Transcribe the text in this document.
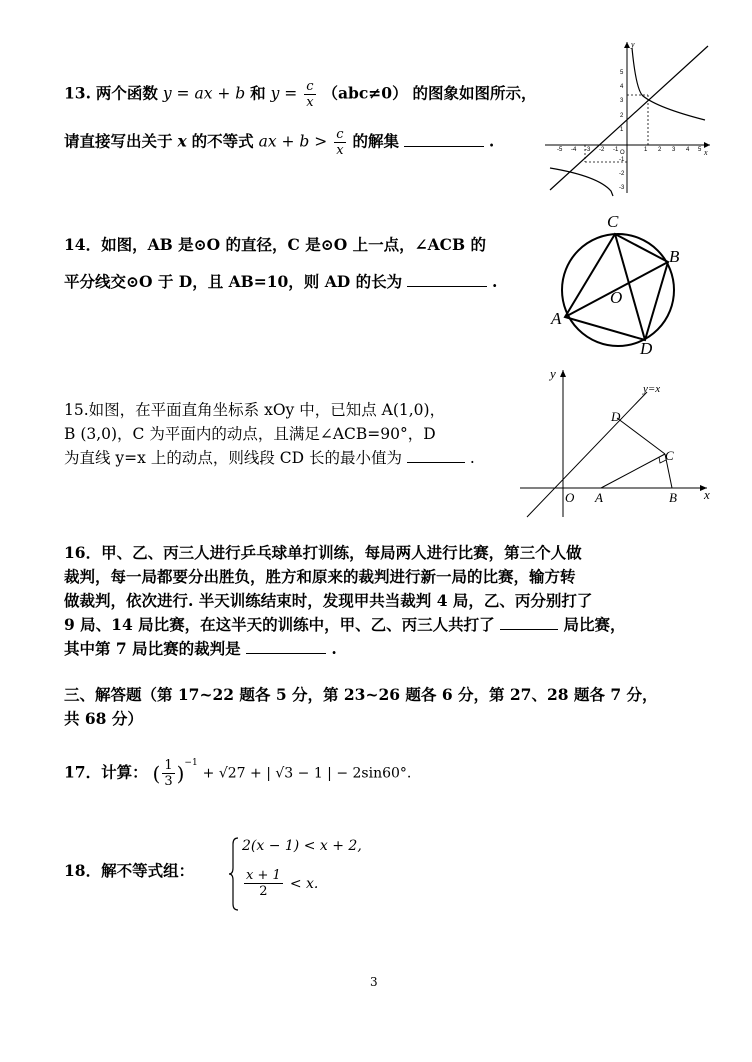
13. 两个函数 y = ax + b 和 $y = \frac{c}{x} (abc\ne 0)$ 的图象如图所示，
请直接写出关于 x 的不等式 ax + $b > \frac{c}{x}$ 的解集	.
y
x
O
-5 -4 -3 -2 -1	1 2 3 4 5
5
4
3
2
1
-1
-2
-3
14．如图，AB 是⊙O 的直径，C 是⊙O 上一点，∠ACB 的
平分线交⊙O 于 D，且 AB=10，则 AD 的长为	.
C
B
A
D
O
15.如图，在平面直角坐标系 xOy 中，已知点 A(1,0)，
B (3,0)，C 为平面内的动点，且满足∠ACB=90°，D
为直线 y=x 上的动点，则线段 CD 长的最小值为	.
y
x
y=x
O A	B
C
D
16．甲、乙、丙三人进行乒乓球单打训练，每局两人进行比赛，第三个人做
裁判，每一局都要分出胜负，胜方和原来的裁判进行新一局的比赛，输方转
做裁判，依次进行. 半天训练结束时，发现甲共当裁判 4 局，乙、丙分别打了
9 局、14 局比赛，在这半天的训练中，甲、乙、丙三人共打了	局比赛，
其中第 7 局比赛的裁判是	.
三、解答题（第 17~22 题各 5 分，第 23~26 题各 6 分，第 27、28 题各 7 分，
共 68 分）
17．计算： ( $\frac{1}{3} )^{-1} + √27$ + | √3 − 1 | − 2sin60°.
18．解不等式组：
2(x − 1) < x + 2,
$\frac{x + 1}{2} < x$.
3
